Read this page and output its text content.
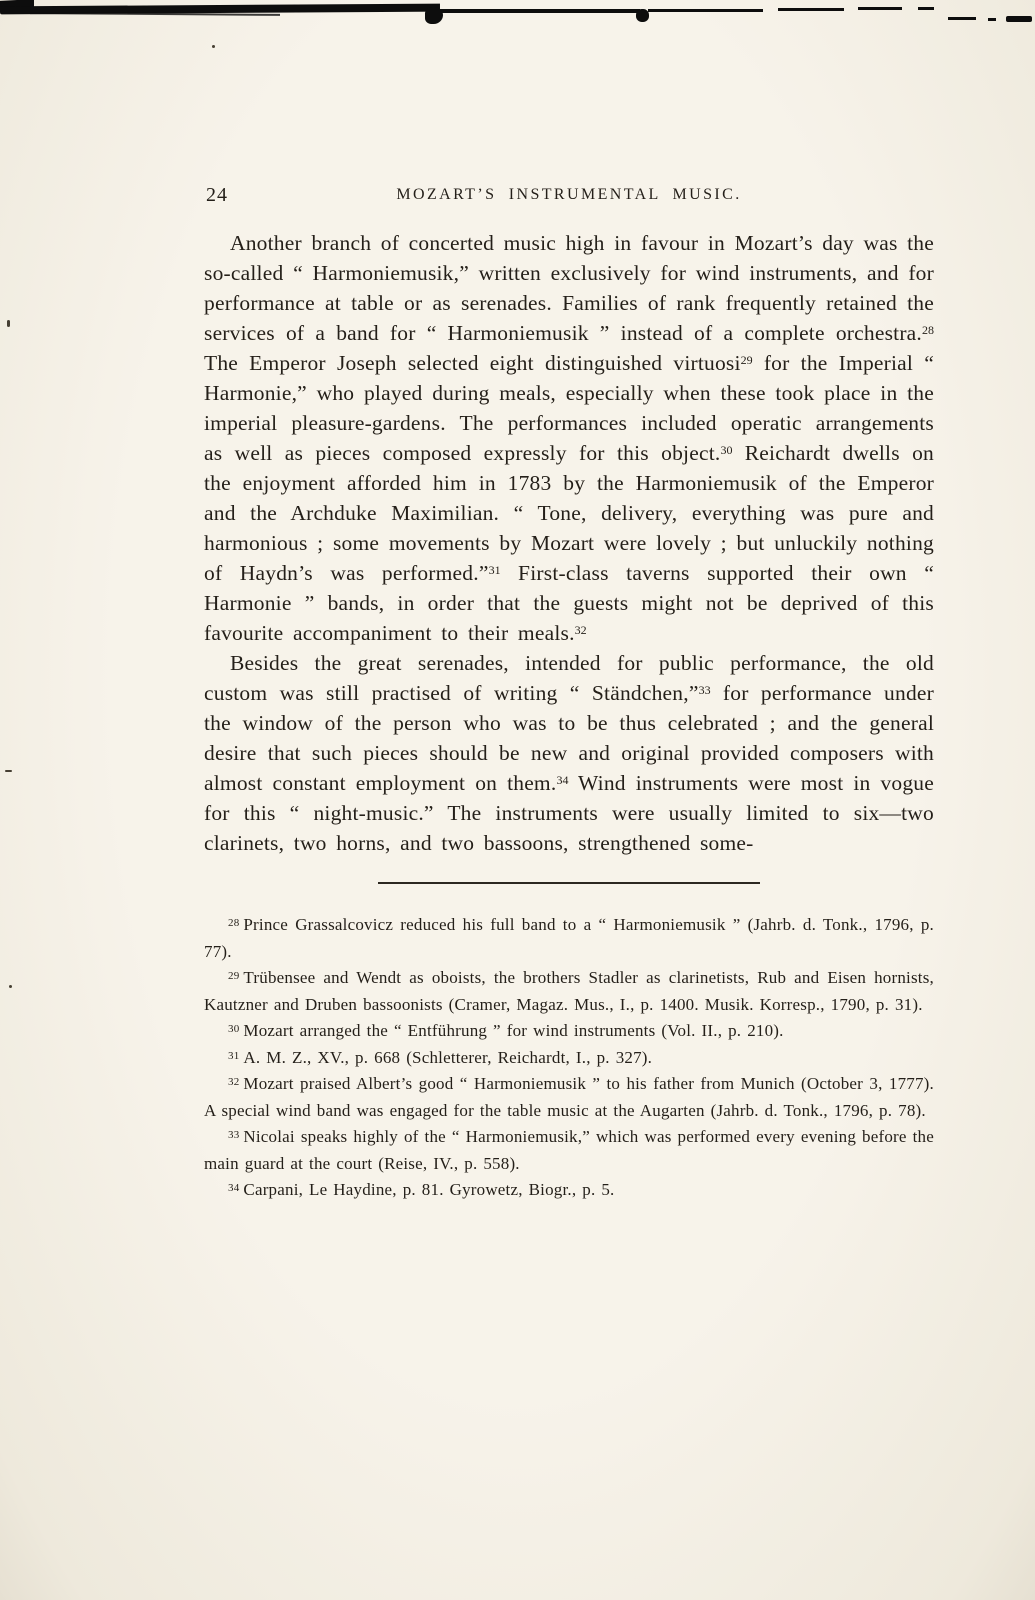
24	MOZART’S INSTRUMENTAL MUSIC.

Another branch of concerted music high in favour in Mozart’s day was the so-called “ Harmoniemusik,” written exclusively for wind instruments, and for performance at table or as serenades. Families of rank frequently retained the services of a band for “ Harmoniemusik ” instead of a complete orchestra.$^{28}$ The Emperor Joseph selected eight distinguished virtuosi$^{29}$ for the Imperial “ Harmonie,” who played during meals, especially when these took place in the imperial pleasure-gardens. The performances included operatic arrangements as well as pieces composed expressly for this object.$^{30}$ Reichardt dwells on the enjoyment afforded him in 1783 by the Harmoniemusik of the Emperor and the Archduke Maximilian. “ Tone, delivery, everything was pure and harmonious ; some movements by Mozart were lovely ; but unluckily nothing of Haydn’s was performed.”$^{31}$ First-class taverns supported their own “ Harmonie ” bands, in order that the guests might not be deprived of this favourite accompaniment to their meals.$^{32}$

Besides the great serenades, intended for public performance, the old custom was still practised of writing “ Ständchen,”$^{33}$ for performance under the window of the person who was to be thus celebrated ; and the general desire that such pieces should be new and original provided composers with almost constant employment on them.$^{34}$ Wind instruments were most in vogue for this “ night-music.” The instruments were usually limited to six—two clarinets, two horns, and two bassoons, strengthened some-

$^{28}$ Prince Grassalcovicz reduced his full band to a “ Harmoniemusik ” (Jahrb. d. Tonk., 1796, p. 77).

$^{29}$ Trübensee and Wendt as oboists, the brothers Stadler as clarinetists, Rub and Eisen hornists, Kautzner and Druben bassoonists (Cramer, Magaz. Mus., I., p. 1400. Musik. Korresp., 1790, p. 31).

$^{30}$ Mozart arranged the “ Entführung ” for wind instruments (Vol. II., p. 210).

$^{31}$ A. M. Z., XV., p. 668 (Schletterer, Reichardt, I., p. 327).

$^{32}$ Mozart praised Albert’s good “ Harmoniemusik ” to his father from Munich (October 3, 1777). A special wind band was engaged for the table music at the Augarten (Jahrb. d. Tonk., 1796, p. 78).

$^{33}$ Nicolai speaks highly of the “ Harmoniemusik,” which was performed every evening before the main guard at the court (Reise, IV., p. 558).

$^{34}$ Carpani, Le Haydine, p. 81. Gyrowetz, Biogr., p. 5.
